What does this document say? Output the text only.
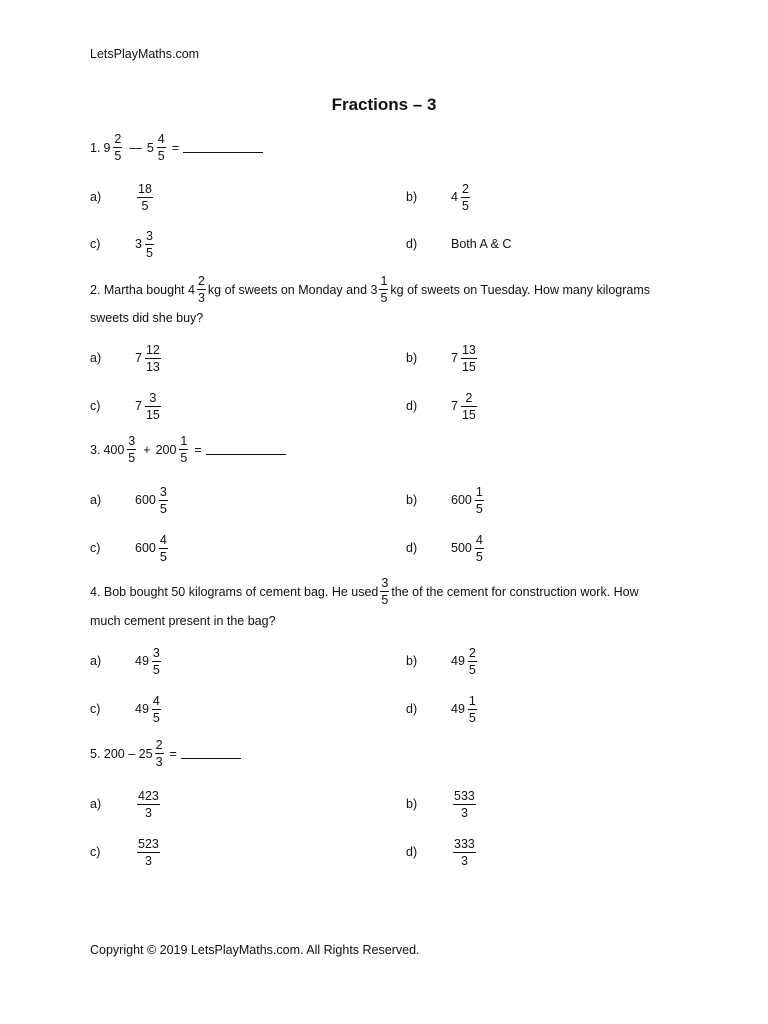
LetsPlayMaths.com
Fractions – 3
1. $9 \frac{2}{5}$ — $5 \frac{4}{5}$ =
a)	$\frac{18}{5}$	b)	$4 \frac{2}{5}$
c)	$3 \frac{3}{5}$	d)	Both A & C
2. Martha bought $4 \frac{2}{3}$ kg of sweets on Monday and $3 \frac{1}{5}$ kg of sweets on Tuesday. How many kilograms
sweets did she buy?
a)	$7 \frac{12}{13}$	b)	$7 \frac{13}{15}$
c)	$7 \frac{3}{15}$	d)	$7 \frac{2}{15}$
3. $400 \frac{3}{5} + 200 \frac{1}{5}$ =
a)	$600 \frac{3}{5}$	b)	$600 \frac{1}{5}$
c)	$600 \frac{4}{5}$	d)	$500 \frac{4}{5}$
4. Bob bought 50 kilograms of cement bag. He used $\frac{3}{5}$ the of the cement for construction work. How
much cement present in the bag?
a)	$49 \frac{3}{5}$	b)	$49 \frac{2}{5}$
c)	$49 \frac{4}{5}$	d)	$49 \frac{1}{5}$
5. $200 - 25 \frac{2}{3}$ =
a)	$\frac{423}{3}$	b)	$\frac{533}{3}$
c)	$\frac{523}{3}$	d)	$\frac{333}{3}$
Copyright © 2019 LetsPlayMaths.com. All Rights Reserved.
